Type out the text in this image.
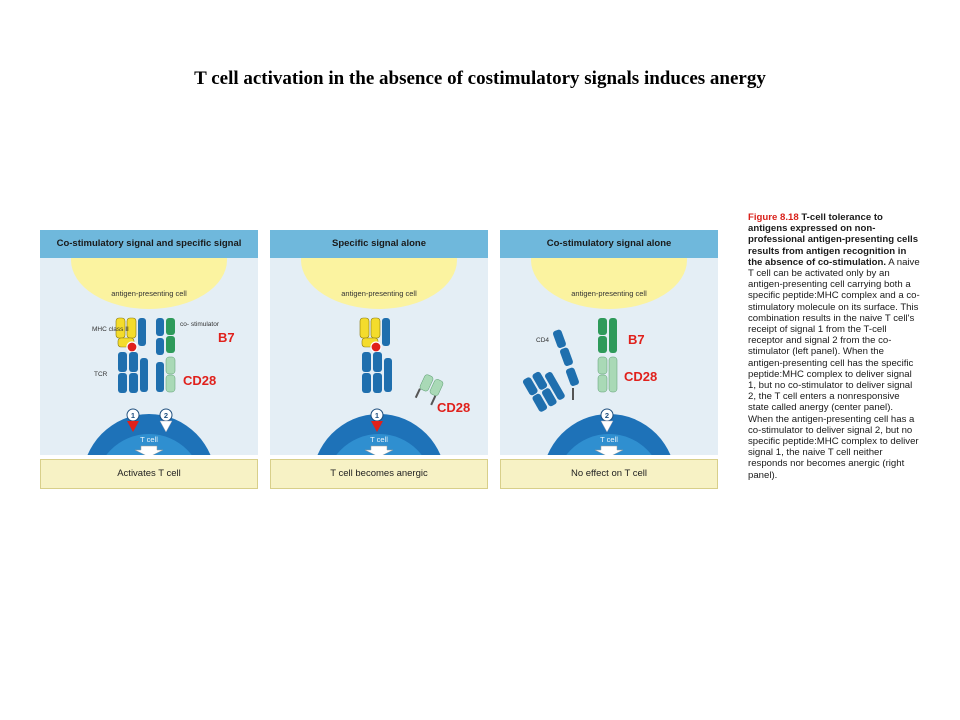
T cell activation in the absence of costimulatory signals induces anergy
Co-stimulatory signal and specific signal
antigen-presenting cell
T cell
MHC class II
co- stimulator
TCR
1	2
Activates T cell
Specific signal alone
antigen-presenting cell
T cell
1
T cell becomes anergic
Co-stimulatory signal alone
antigen-presenting cell
T cell
CD4
2
No effect on T cell
B7
CD28
CD28
B7
CD28
Figure 8.18 T-cell tolerance to antigens expressed on non-professional antigen-presenting cells results from antigen recognition in the absence of co-stimulation. A naive T cell can be activated only by an antigen-presenting cell carrying both a specific peptide:MHC complex and a co-stimulatory molecule on its surface. This combination results in the naive T cell's receipt of signal 1 from the T-cell receptor and signal 2 from the co-stimulator (left panel). When the antigen-presenting cell has the specific peptide:MHC complex to deliver signal 1, but no co-stimulator to deliver signal 2, the T cell enters a nonresponsive state called anergy (center panel). When the antigen-presenting cell has a co-stimulator to deliver signal 2, but no specific peptide:MHC complex to deliver signal 1, the naive T cell neither responds nor becomes anergic (right panel).
